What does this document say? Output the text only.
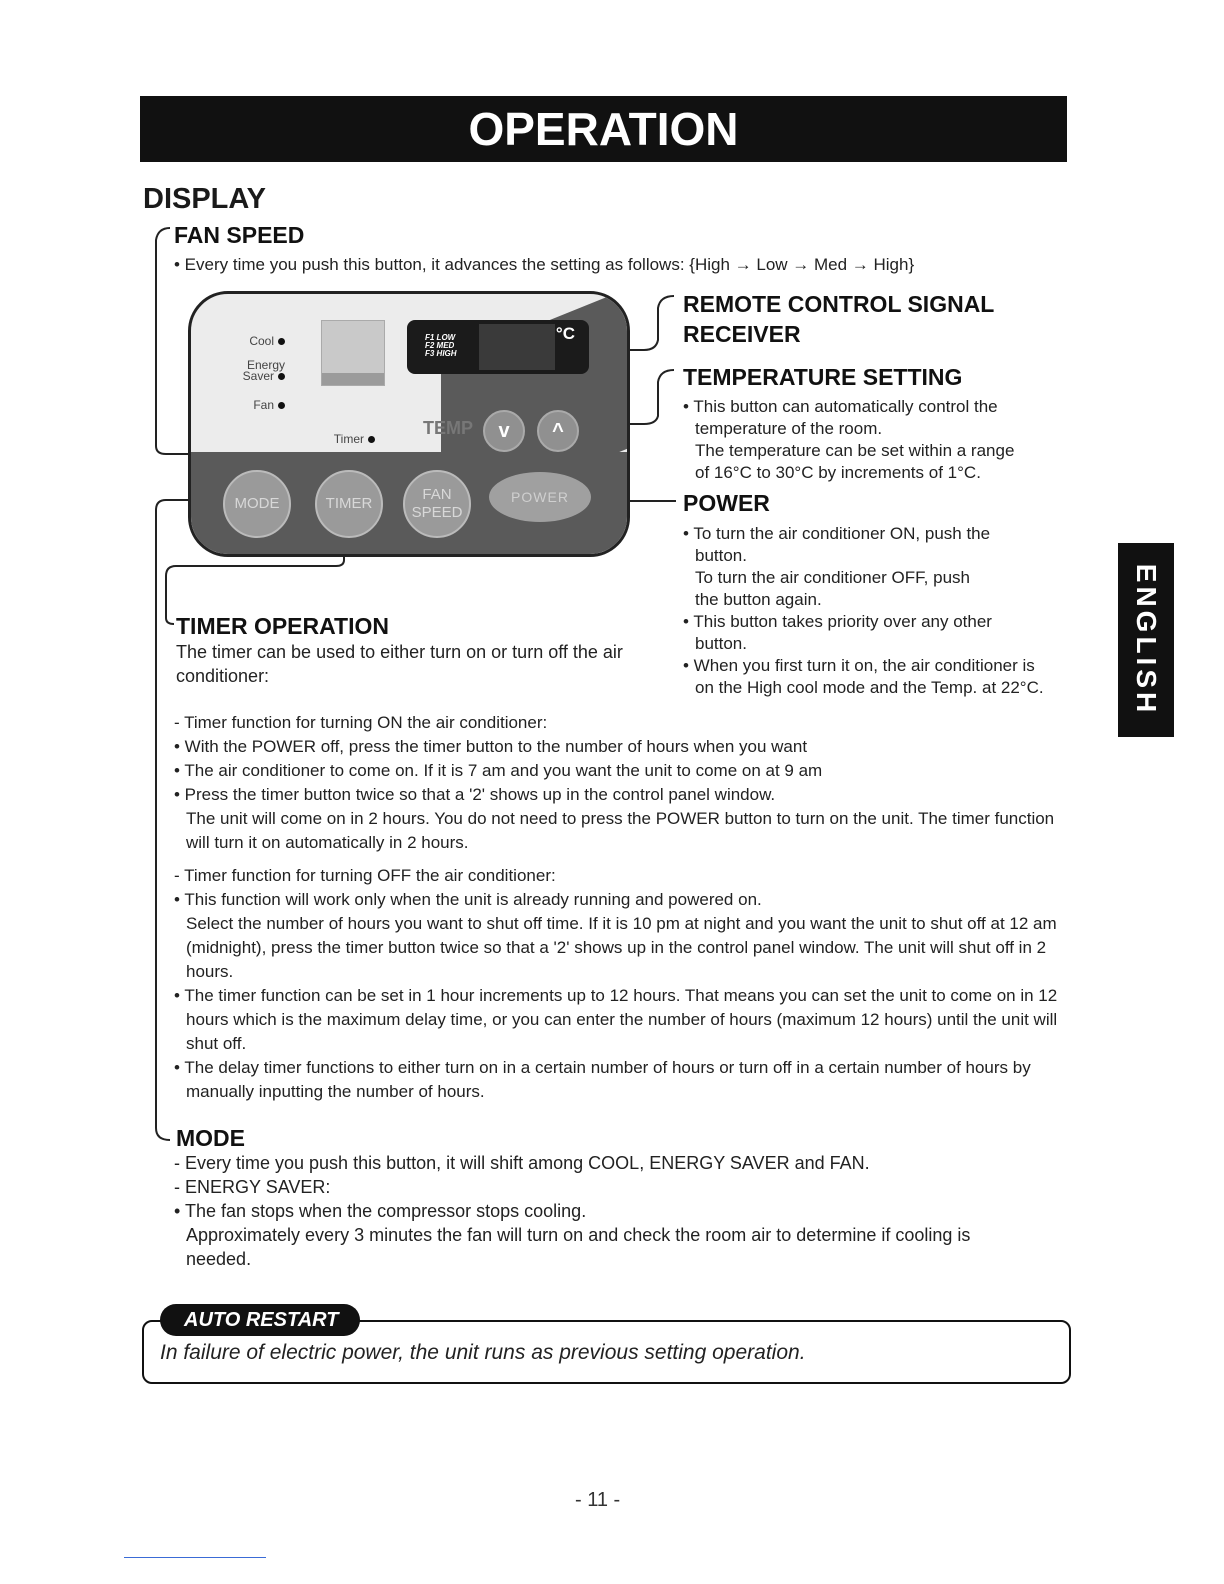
OPERATION
DISPLAY
Cool
Energy
Saver
Fan
Timer
F1 LOW
F2 MED
F3 HIGH
°C
TEMP	v	^
MODE	TIMER
FAN
SPEED
POWER
FAN SPEED
• Every time you push this button, it advances the setting as follows: {High → Low → Med → High}
REMOTE CONTROL SIGNAL
RECEIVER
TEMPERATURE SETTING

• This button can automatically control the

temperature of the room.

The temperature can be set within a range

of 16°C to 30°C by increments of 1°C.

POWER

• To turn the air conditioner ON, push the

button.

To turn the air conditioner OFF, push

the button again.

• This button takes priority over any other

button.

• When you first turn it on, the air conditioner is

on the High cool mode and the Temp. at 22°C.

TIMER OPERATION

The timer can be used to either turn on or turn off the air

conditioner:

- Timer function for turning ON the air conditioner:

• With the POWER off, press the timer button to the number of hours when you want

• The air conditioner to come on. If it is 7 am and you want the unit to come on at 9 am

• Press the timer button twice so that a '2' shows up in the control panel window.

The unit will come on in 2 hours. You do not need to press the POWER button to turn on the unit. The timer function

will turn it on automatically in 2 hours.

- Timer function for turning OFF the air conditioner:

• This function will work only when the unit is already running and powered on.

Select the number of hours you want to shut off time. If it is 10 pm at night and you want the unit to shut off at 12 am

(midnight), press the timer button twice so that a '2' shows up in the control panel window. The unit will shut off in 2

hours.

• The timer function can be set in 1 hour increments up to 12 hours. That means you can set the unit to come on in 12

hours which is the maximum delay time, or you can enter the number of hours (maximum 12 hours) until the unit will

shut off.

• The delay timer functions to either turn on in a certain number of hours or turn off in a certain number of hours by

manually inputting the number of hours.

MODE

- Every time you push this button, it will shift among COOL, ENERGY SAVER and FAN.

- ENERGY SAVER:

• The fan stops when the compressor stops cooling.

Approximately every 3 minutes the fan will turn on and check the room air to determine if cooling is

needed.

AUTO RESTART
In failure of electric power, the unit runs as previous setting operation.
ENGLISH
- 11 -
